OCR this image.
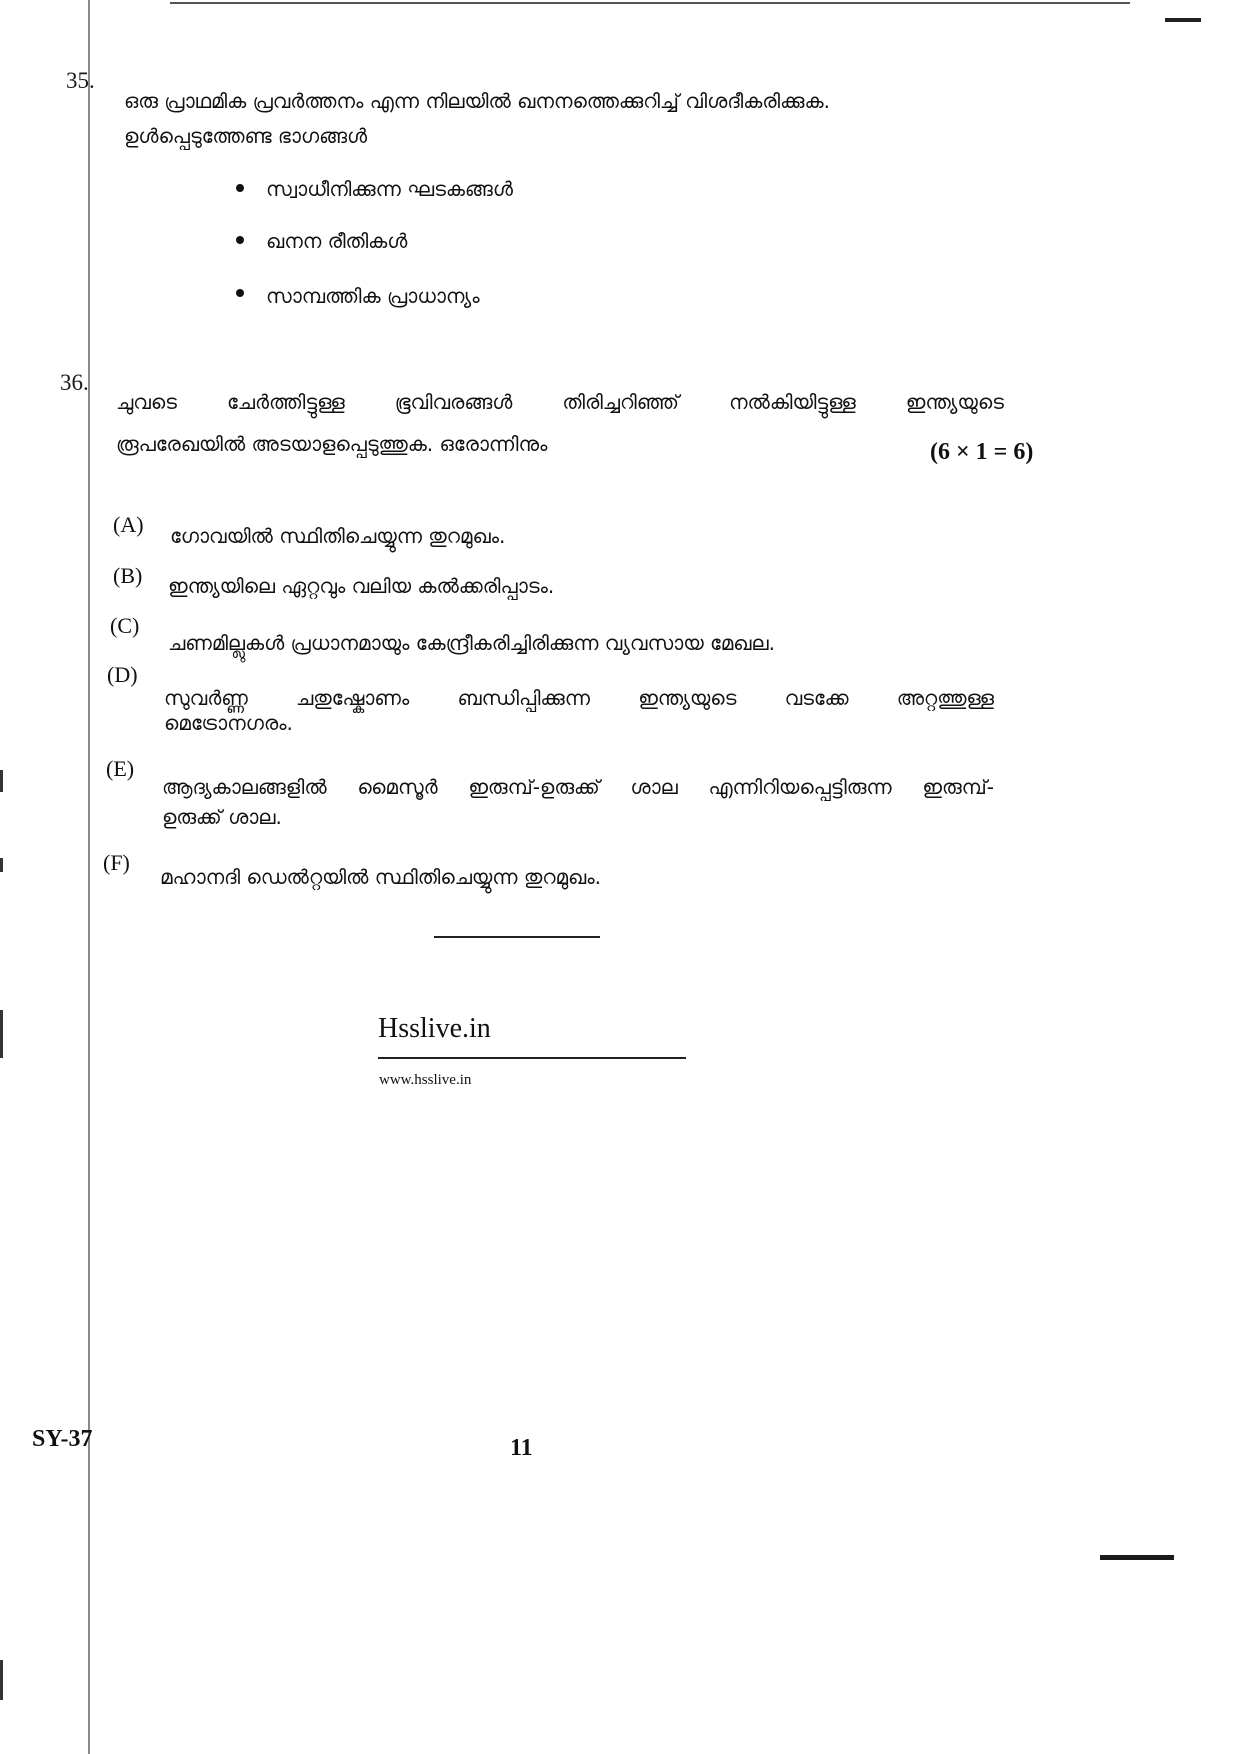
35.
ഒരു പ്രാഥമിക പ്രവർത്തനം എന്ന നിലയിൽ ഖനനത്തെക്കുറിച്ച് വിശദീകരിക്കുക.
ഉൾപ്പെടുത്തേണ്ട ഭാഗങ്ങൾ
സ്വാധീനിക്കുന്ന ഘടകങ്ങൾ
ഖനന രീതികൾ
സാമ്പത്തിക പ്രാധാന്യം
36.
ചുവടെ	ചേർത്തിട്ടുള്ള	ഭൂവിവരങ്ങൾ	തിരിച്ചറിഞ്ഞ്	നൽകിയിട്ടുള്ള	ഇന്ത്യയുടെ
രൂപരേഖയിൽ അടയാളപ്പെടുത്തുക. ഒരോന്നിനും	(6 × 1 = 6)
(A) ഗോവയിൽ സ്ഥിതിചെയ്യുന്ന തുറമുഖം.
(B) ഇന്ത്യയിലെ ഏറ്റവും വലിയ കൽക്കരിപ്പാടം.
(C)
ചണമില്ലുകൾ പ്രധാനമായും കേന്ദ്രീകരിച്ചിരിക്കുന്ന വ്യവസായ മേഖല.
(D)
സുവർണ്ണ ചതുഷ്കോണം ബന്ധിപ്പിക്കുന്ന ഇന്ത്യയുടെ വടക്കേ അറ്റത്തുള്ള
മെട്രോനഗരം.
(E)
ആദ്യകാലങ്ങളിൽ മൈസൂർ ഇരുമ്പ്-ഉരുക്ക് ശാല എന്നിറിയപ്പെട്ടിരുന്ന ഇരുമ്പ്-
ഉരുക്ക് ശാല.
(F)
മഹാനദി ഡെൽറ്റയിൽ സ്ഥിതിചെയ്യുന്ന തുറമുഖം.
Hsslive.in
www.hsslive.in
SY-37	11
